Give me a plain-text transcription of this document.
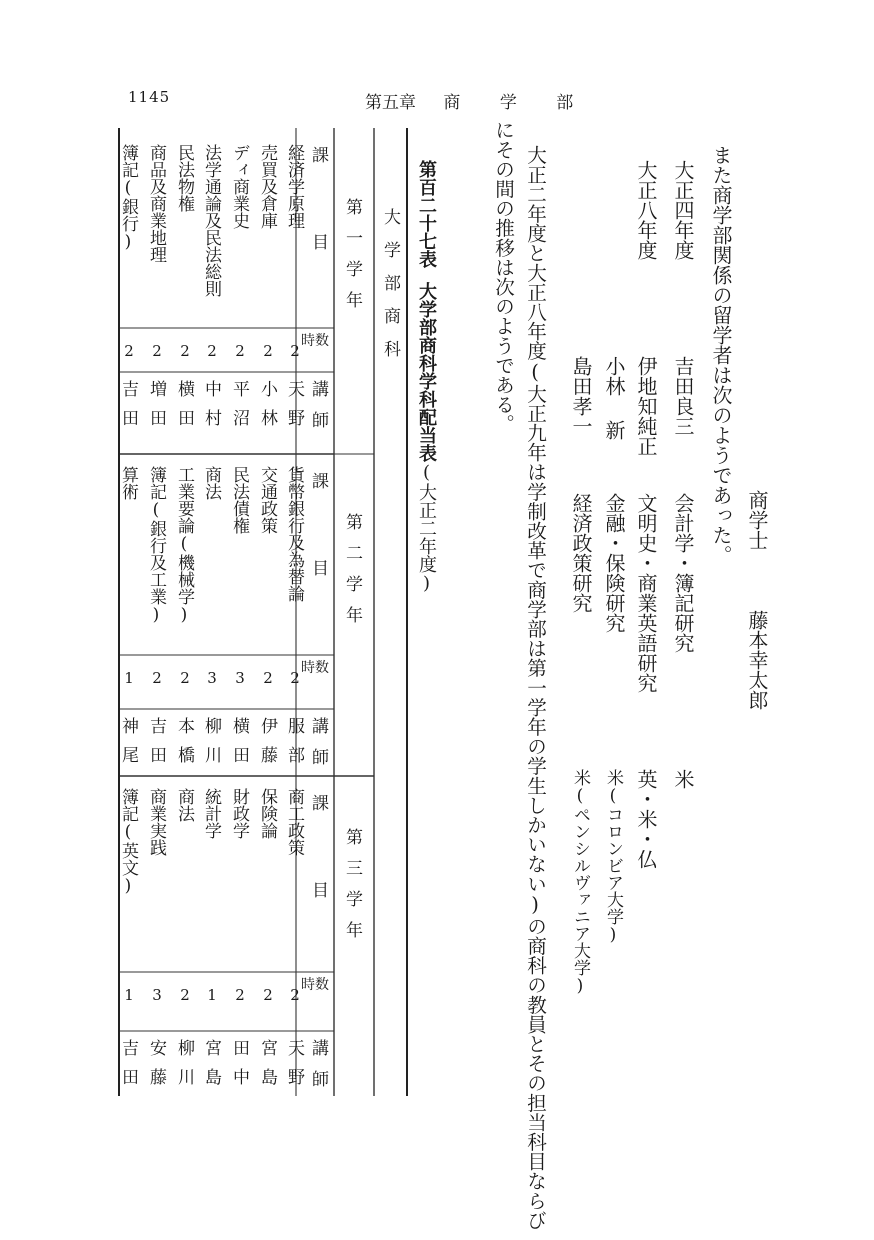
1145	第五章 商 学 部
また商学部関係の留学者は次のようであった。 商学士
藤本幸太郎
大正四年度
吉田良三
会計学・簿記研究
米
大正八年度
伊地知純正
文明史・商業英語研究
英・米・仏
小林 新
金融・保険研究
米(コロンビア大学)
島田孝一
経済政策研究
米(ペンシルヴァニア大学)
大正二年度と大正八年度(大正九年は学制改革で商学部は第一学年の学生しかいない)の商科の教員とその担当科目ならび
にその間の推移は次のようである。
第百二十七表大学部商科学科配当表(大正二年度)
大学部商科
第一学年
課目
時数
講師
経済学原理
2
天野
売買及倉庫
2
小林
ディ商業史
2
平沼
法学通論及民法総則
2
中村
民法物権
2
横田
商品及商業地理
2
増田
簿記(銀行)
2
吉田
第二学年
課目
時数
講師
貨幣銀行及為替論
2
服部
交通政策
2
伊藤
民法債権
3
横田
商法
3
柳川
工業要論(機械学)
2
本橋
簿記(銀行及工業)
2
吉田
算術
1
神尾
第三学年
課目
時数
講師
商工政策
2
天野
保険論
2
宮島
財政学
2
田中
統計学
1
宮島
商法
2
柳川
商業実践
3
安藤
簿記(英文)
1
吉田
